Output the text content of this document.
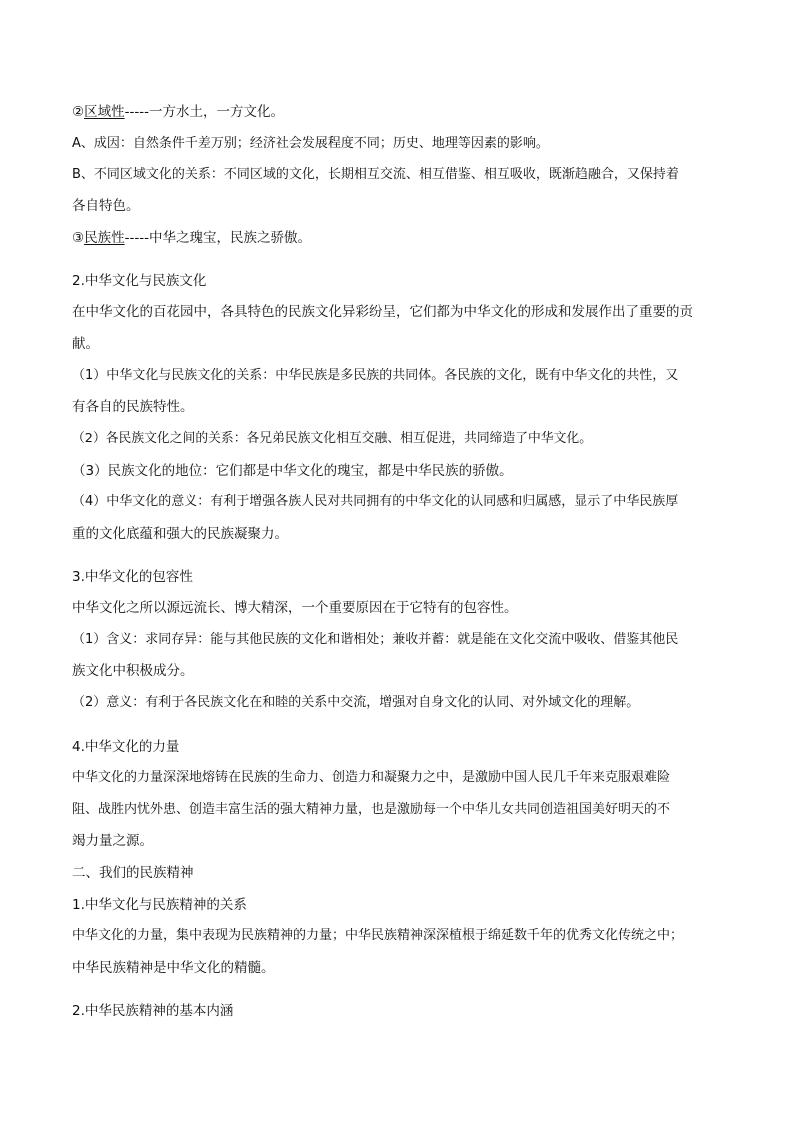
②区域性-----一方水土，一方文化。
A、成因：自然条件千差万别；经济社会发展程度不同；历史、地理等因素的影响。
B、不同区域文化的关系：不同区域的文化，长期相互交流、相互借鉴、相互吸收，既渐趋融合，又保持着
各自特色。
③民族性-----中华之瑰宝，民族之骄傲。
2.中华文化与民族文化
在中华文化的百花园中，各具特色的民族文化异彩纷呈，它们都为中华文化的形成和发展作出了重要的贡
献。
（1）中华文化与民族文化的关系：中华民族是多民族的共同体。各民族的文化，既有中华文化的共性，又
有各自的民族特性。
（2）各民族文化之间的关系：各兄弟民族文化相互交融、相互促进，共同缔造了中华文化。
（3）民族文化的地位：它们都是中华文化的瑰宝，都是中华民族的骄傲。
（4）中华文化的意义：有利于增强各族人民对共同拥有的中华文化的认同感和归属感，显示了中华民族厚
重的文化底蕴和强大的民族凝聚力。
3.中华文化的包容性
中华文化之所以源远流长、博大精深，一个重要原因在于它特有的包容性。
（1）含义：求同存异：能与其他民族的文化和谐相处；兼收并蓄：就是能在文化交流中吸收、借鉴其他民
族文化中积极成分。
（2）意义：有利于各民族文化在和睦的关系中交流，增强对自身文化的认同、对外域文化的理解。
4.中华文化的力量
中华文化的力量深深地熔铸在民族的生命力、创造力和凝聚力之中，是激励中国人民几千年来克服艰难险
阻、战胜内忧外患、创造丰富生活的强大精神力量，也是激励每一个中华儿女共同创造祖国美好明天的不
竭力量之源。
二、我们的民族精神
1.中华文化与民族精神的关系
中华文化的力量，集中表现为民族精神的力量；中华民族精神深深植根于绵延数千年的优秀文化传统之中；
中华民族精神是中华文化的精髓。
2.中华民族精神的基本内涵
